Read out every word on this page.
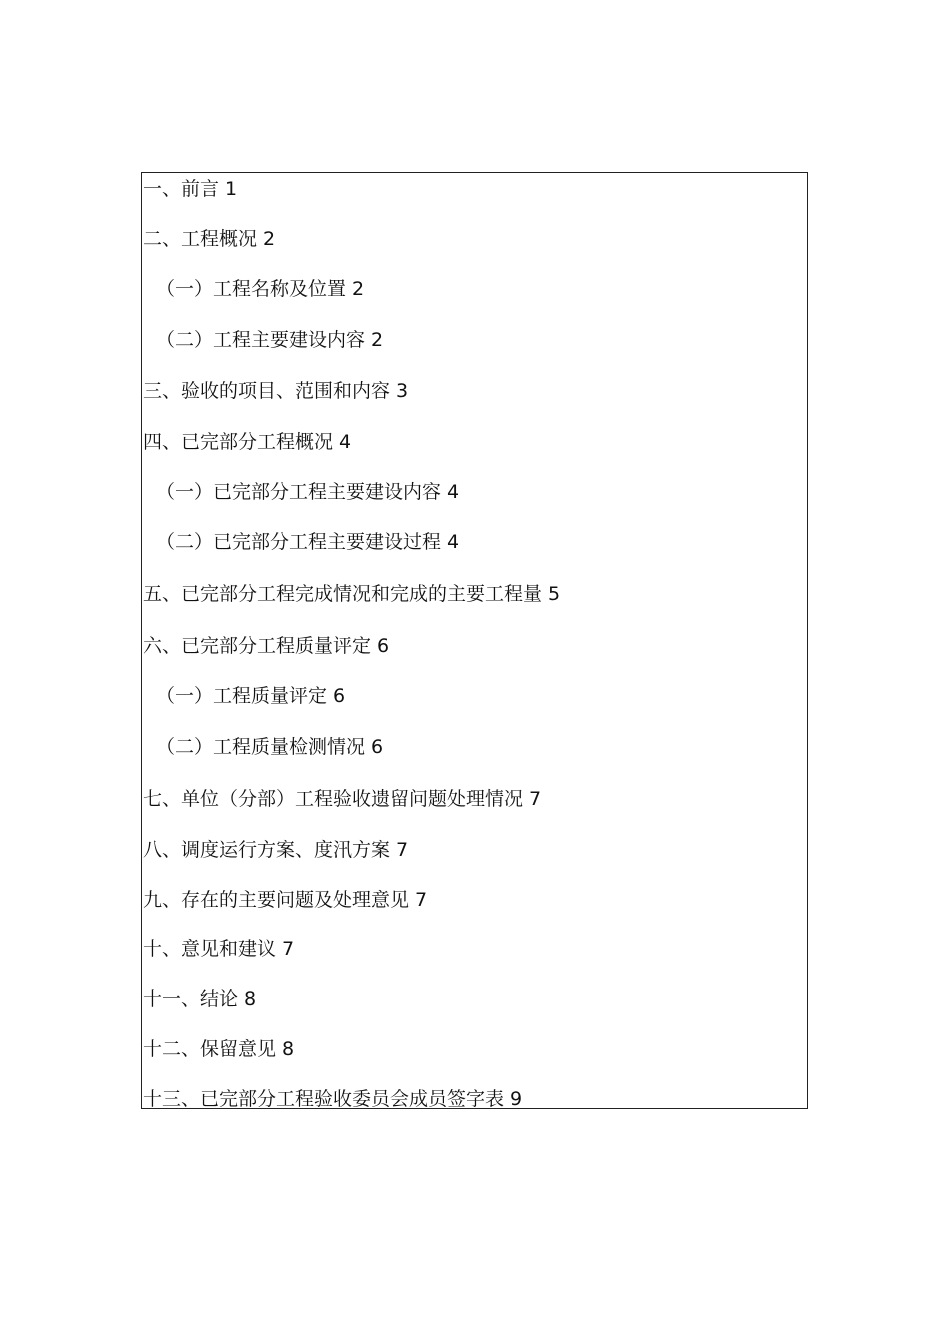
一、前言 1
二、工程概况 2
（一）工程名称及位置 2
（二）工程主要建设内容 2
三、验收的项目、范围和内容 3
四、已完部分工程概况 4
（一）已完部分工程主要建设内容 4
（二）已完部分工程主要建设过程 4
五、已完部分工程完成情况和完成的主要工程量 5
六、已完部分工程质量评定 6
（一）工程质量评定 6
（二）工程质量检测情况 6
七、单位（分部）工程验收遗留问题处理情况 7
八、调度运行方案、度汛方案 7
九、存在的主要问题及处理意见 7
十、意见和建议 7
十一、结论 8
十二、保留意见 8
十三、已完部分工程验收委员会成员签字表 9
